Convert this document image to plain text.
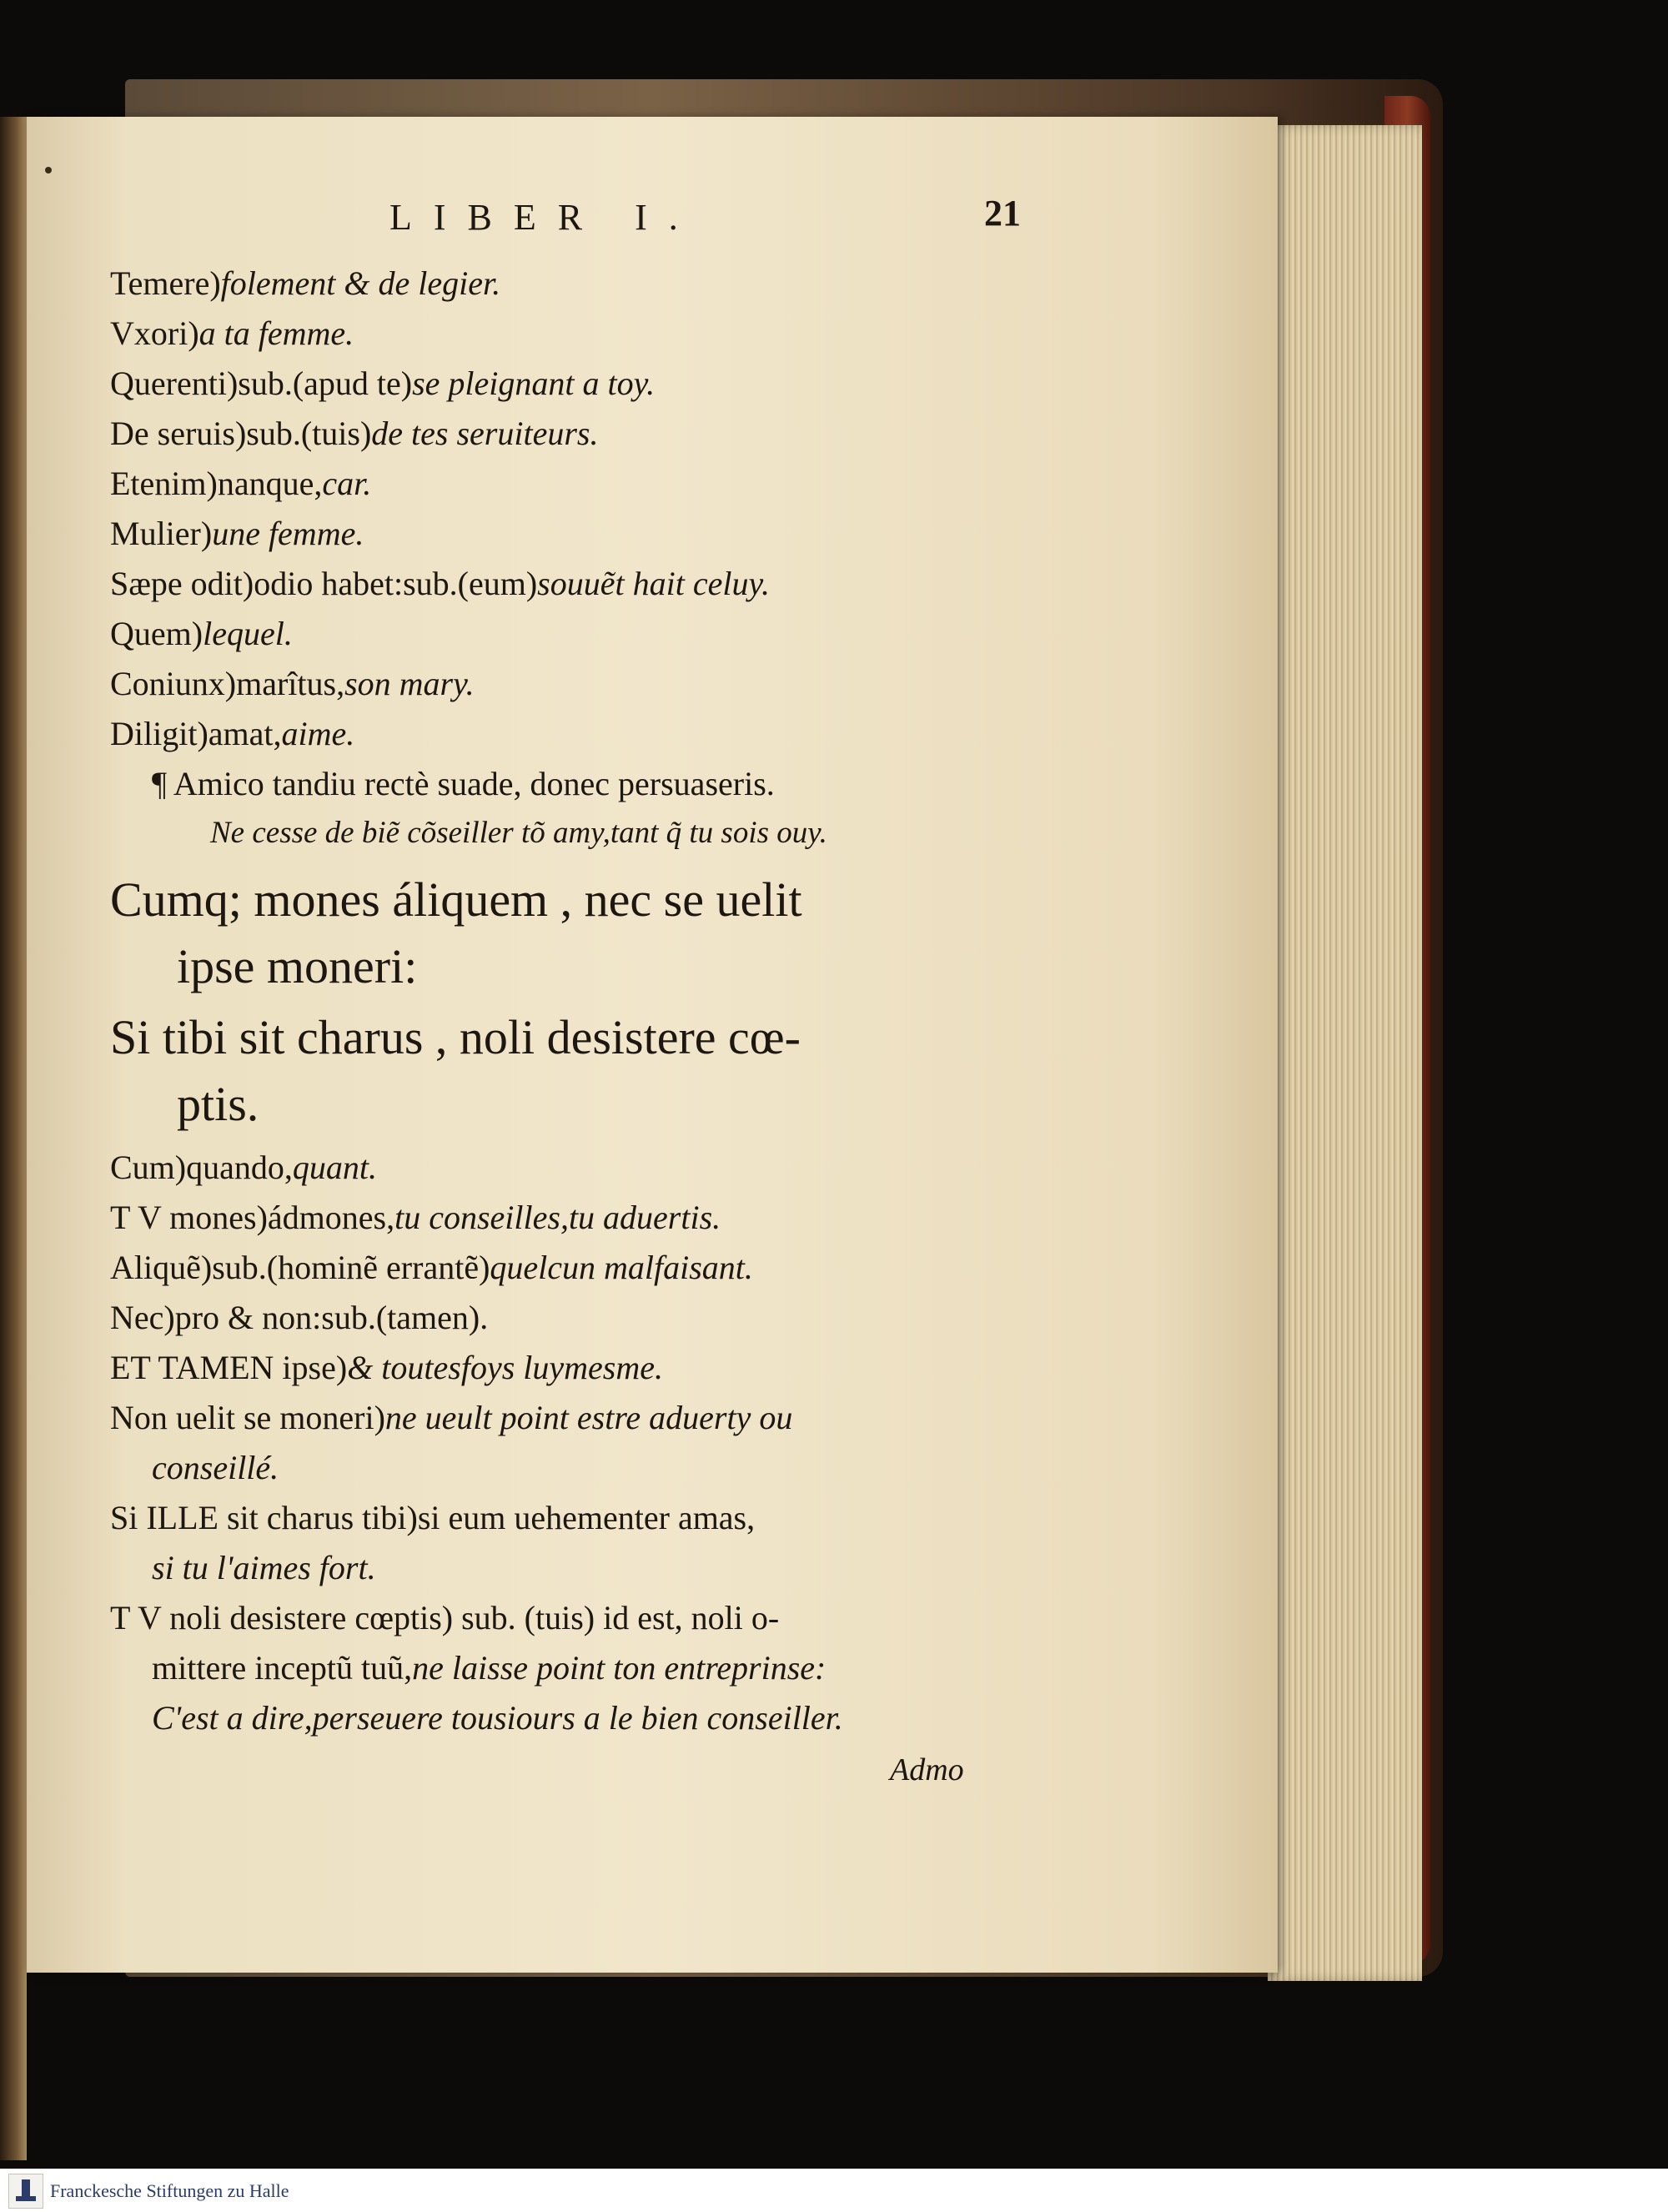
LIBER I.	21
Temere)folement & de legier.
Vxori)a ta femme.
Querenti)sub.(apud te)se pleignant a toy.
De seruis)sub.(tuis)de tes seruiteurs.
Etenim)nanque,car.
Mulier)une femme.
Sæpe odit)odio habet:sub.(eum)souuẽt hait celuy.
Quem)lequel.
Coniunx)marîtus,son mary.
Diligit)amat,aime.
¶ Amico tandiu rectè suade, donec persuaseris.
Ne cesse de biẽ cõseiller tõ amy,tant q̃ tu sois ouy.
Cumq; mones áliquem , nec se uelit
ipse moneri:
Si tibi sit charus , noli desistere cœ-
ptis.
Cum)quando,quant.
T V mones)ádmones,tu conseilles,tu aduertis.
Aliquẽ)sub.(hominẽ errantẽ)quelcun malfaisant.
Nec)pro & non:sub.(tamen).
ET TAMEN ipse)& toutesfoys luymesme.
Non uelit se moneri)ne ueult point estre aduerty ou
conseillé.
Si ILLE sit charus tibi)si eum uehementer amas,
si tu l'aimes fort.
T V noli desistere cœptis) sub. (tuis) id est, noli o-
mittere inceptũ tuũ,ne laisse point ton entreprinse:
C'est a dire,perseuere tousiours a le bien conseiller.
Admo
Franckesche Stiftungen zu Halle
